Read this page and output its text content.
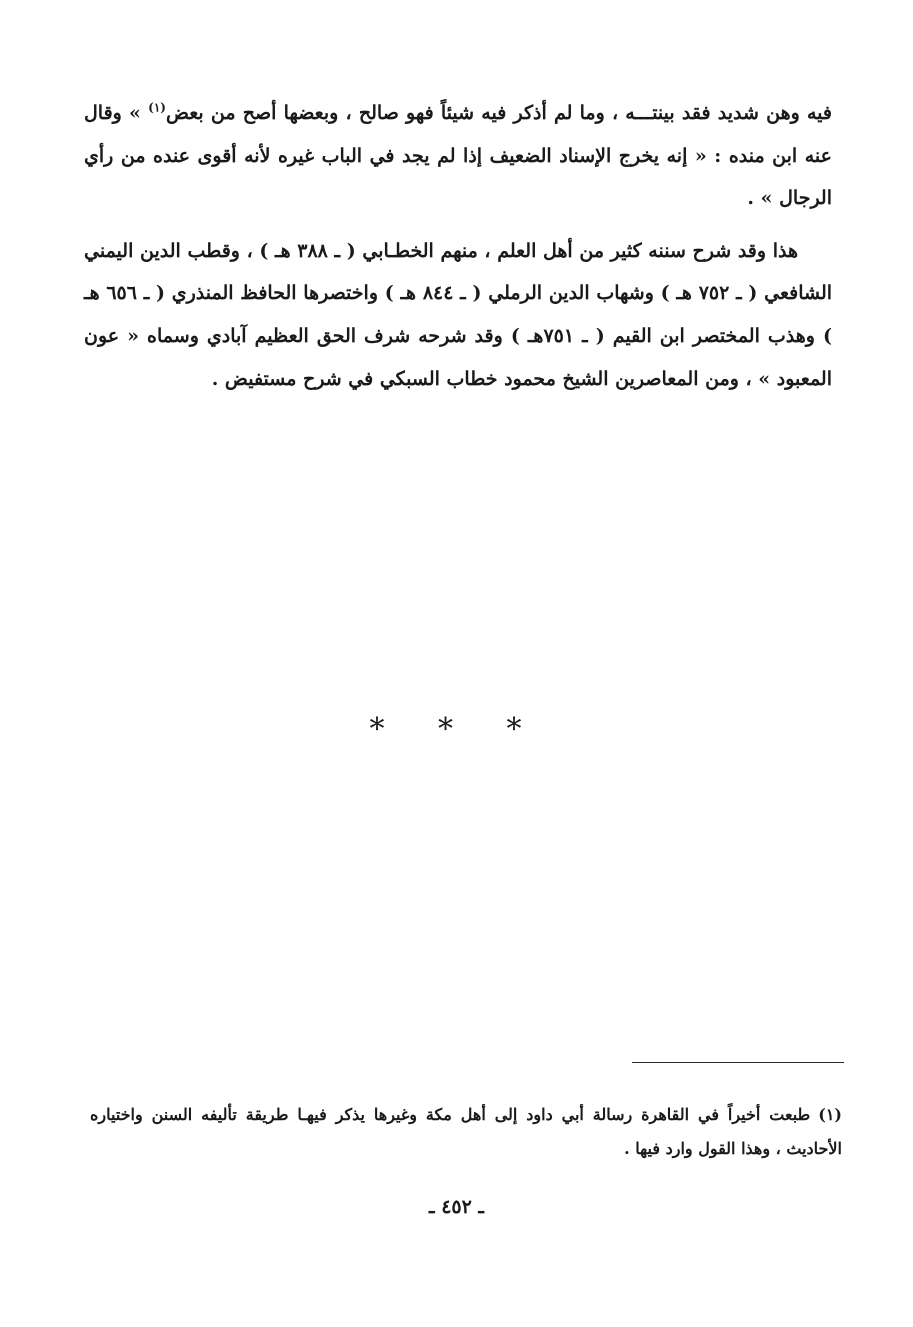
فيه وهن شديد فقد بينتـــه ، وما لم أذكر فيه شيئاً فهو صالح ، وبعضها أصح من بعض$^{(١)}$ » وقال عنه ابن منده : « إنه يخرج الإسناد الضعيف إذا لم يجد في الباب غيره لأنه أقوى عنده من رأي الرجال » .

هذا وقد شرح سننه كثير من أهل العلم ، منهم الخطـابي ( ـ ٣٨٨ هـ ) ، وقطب الدين اليمني الشافعي ( ـ ٧٥٢ هـ ) وشهاب الدين الرملي ( ـ ٨٤٤ هـ ) واختصرها الحافظ المنذري ( ـ ٦٥٦ هـ ) وهذب المختصر ابن القيم ( ـ ٧٥١هـ ) وقد شرحه شرف الحق العظيم آبادي وسماه « عون المعبود » ، ومن المعاصرين الشيخ محمود خطاب السبكي في شرح مستفيض .

* * *
(١)طبعت أخيراً في القاهرة رسالة أبي داود إلى أهل مكة وغيرها يذكر فيهـا طريقة تأليفه السنن واختياره الأحاديث ، وهذا القول وارد فيها .
ـ ٤٥٢ ـ
